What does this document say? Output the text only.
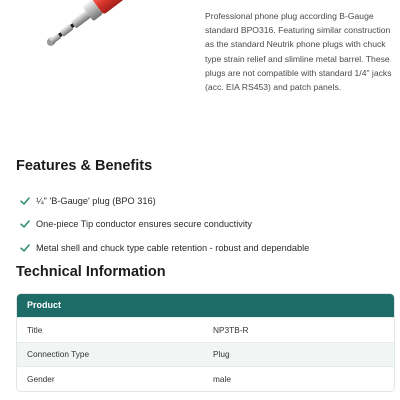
Professional phone plug according B-Gauge standard BPO316. Featuring similar construction as the standard Neutrik phone plugs with chuck type strain relief and slimline metal barrel. These plugs are not compatible with standard 1/4" jacks (acc. EIA RS453) and patch panels.

Features & Benefits
¼" 'B-Gauge' plug (BPO 316)
One-piece Tip conductor ensures secure conductivity
Metal shell and chuck type cable retention - robust and dependable
Technical Information
Product
Title	NP3TB-R
Connection Type	Plug
Gender	male
